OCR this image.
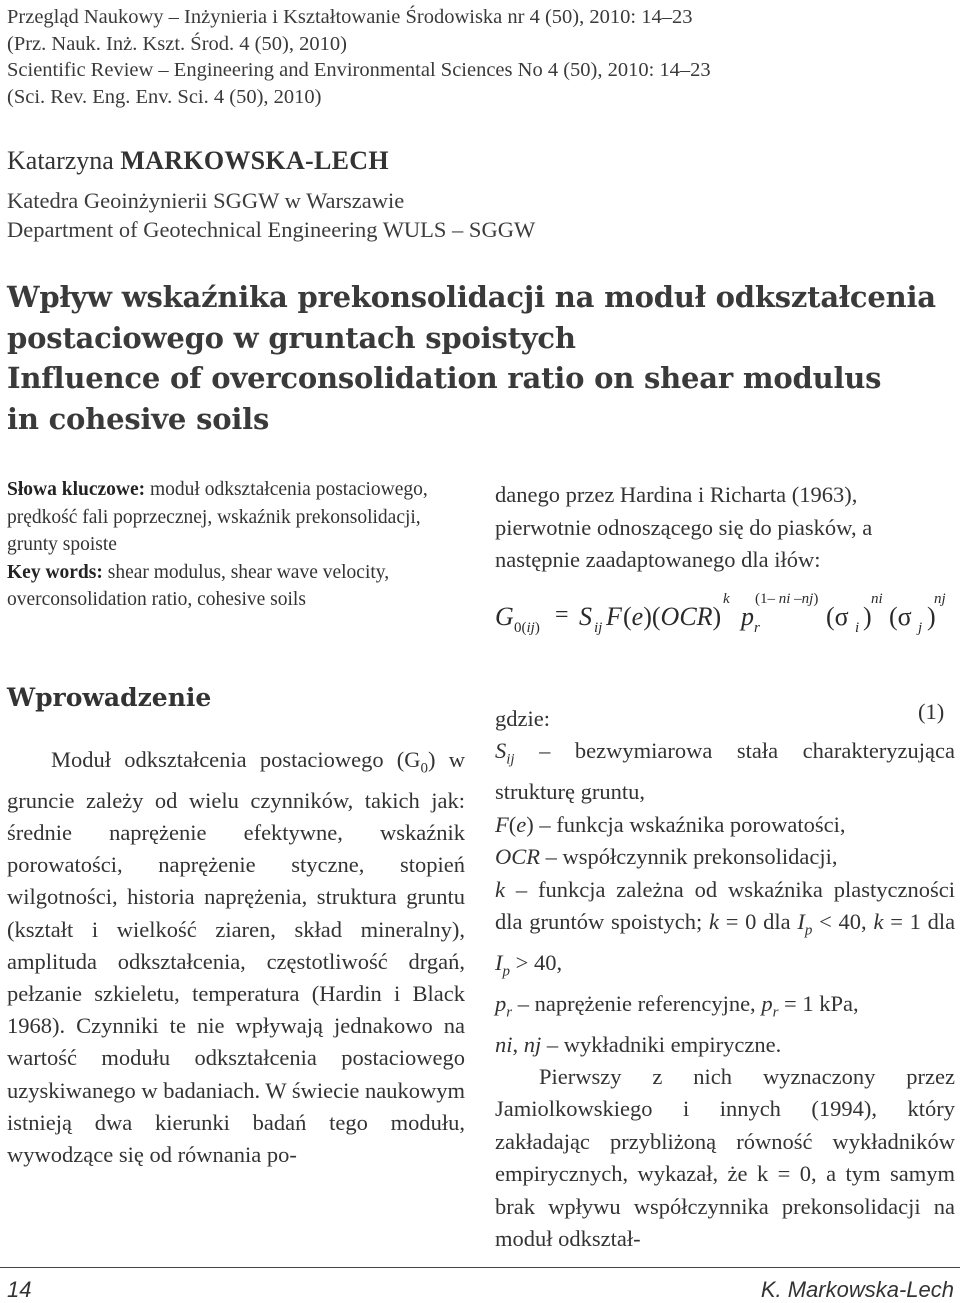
Przegląd Naukowy – Inżynieria i Kształtowanie Środowiska nr 4 (50), 2010: 14–23
(Prz. Nauk. Inż. Kszt. Środ. 4 (50), 2010)
Scientific Review – Engineering and Environmental Sciences No 4 (50), 2010: 14–23
(Sci. Rev. Eng. Env. Sci. 4 (50), 2010)
Katarzyna MARKOWSKA-LECH
Katedra Geoinżynierii SGGW w Warszawie
Department of Geotechnical Engineering WULS – SGGW
Wpływ wskaźnika prekonsolidacji na moduł odkształcenia
postaciowego w gruntach spoistych
Influence of overconsolidation ratio on shear modulus
in cohesive soils
Słowa kluczowe: moduł odkształcenia postaciowego, prędkość fali poprzecznej, wskaźnik prekonsolidacji, grunty spoiste
Key words: shear modulus, shear wave velocity, overconsolidation ratio, cohesive soils
Wprowadzenie
Moduł odkształcenia postaciowego $(G_0)$ w gruncie zależy od wielu czynników, takich jak: średnie naprężenie efektywne, wskaźnik porowatości, naprężenie styczne, stopień wilgotności, historia naprężenia, struktura gruntu (kształt i wielkość ziaren, skład mineralny), amplituda odkształcenia, częstotliwość drgań, pełzanie szkieletu, temperatura (Hardin i Black 1968). Czynniki te nie wpływają jednakowo na wartość modułu odkształcenia postaciowego uzyskiwanego w badaniach. W świecie naukowym istnieją dwa kierunki badań tego modułu, wywodzące się od równania po-
danego przez Hardina i Richarta (1963), pierwotnie odnoszącego się do piasków, a następnie zaadaptowanego dla iłów:
G 0(ij) = S ij F (e)(OCR)
k
p r
(1– ni –nj)
(σ i )
ni
(σ j )
nj
(1)
gdzie:
$S_{ij}$ – bezwymiarowa stała charakteryzująca strukturę gruntu,
F(e) – funkcja wskaźnika porowatości,
OCR – współczynnik prekonsolidacji,
k – funkcja zależna od wskaźnika plastyczności dla gruntów spoistych; k = 0 dla $I_p < 40$, k = 1 dla $I_p > 40$,
$p_r$ – naprężenie referencyjne, $p_r = 1$ kPa,
ni, nj – wykładniki empiryczne.
Pierwszy z nich wyznaczony przez Jamiolkowskiego i innych (1994), który zakładając przybliżoną równość wykładników empirycznych, wykazał, że k = 0, a tym samym brak wpływu współczynnika prekonsolidacji na moduł odkształ-
14	K. Markowska-Lech
